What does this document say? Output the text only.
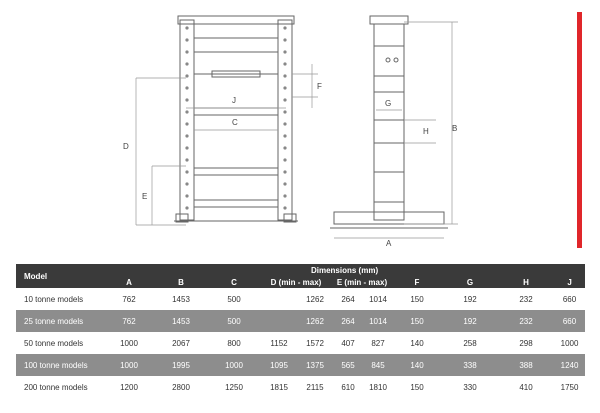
D
E
F
J
C
B
G
H
A
Model	Dimensions (mm)										
	A	B	C	D (min - max)		E (min - max)		F	G	H	J
10 tonne models	762	1453	500		1262	264	1014	150	192	232	660
25 tonne models	762	1453	500		1262	264	1014	150	192	232	660
50 tonne models	1000	2067	800	1152	1572	407	827	140	258	298	1000
100 tonne models	1000	1995	1000	1095	1375	565	845	140	338	388	1240
200 tonne models	1200	2800	1250	1815	2115	610	1810	150	330	410	1750
